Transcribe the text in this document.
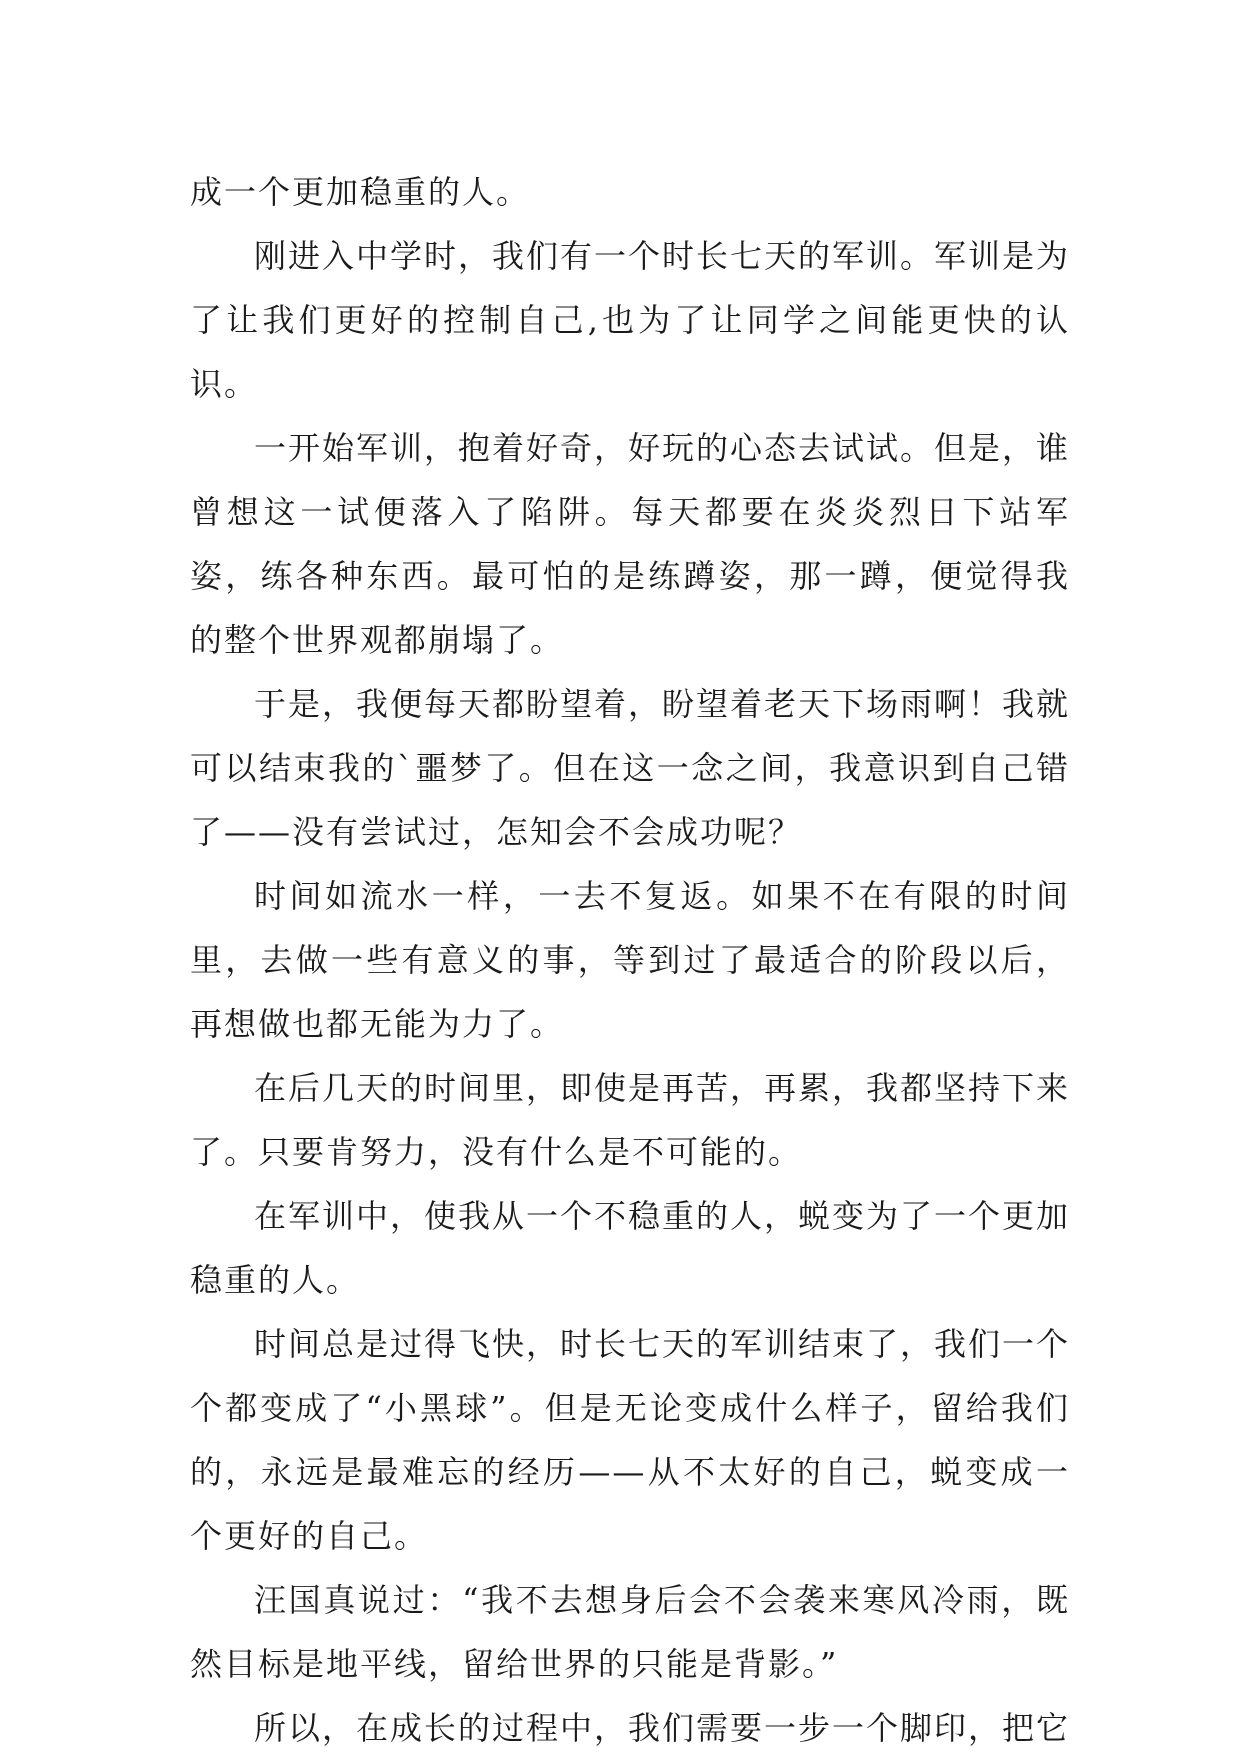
成一个更加稳重的人。

刚进入中学时，我们有一个时长七天的军训。军训是为了让我们更好的控制自己,也为了让同学之间能更快的认识。

一开始军训，抱着好奇，好玩的心态去试试。但是，谁曾想这一试便落入了陷阱。每天都要在炎炎烈日下站军姿，练各种东西。最可怕的是练蹲姿，那一蹲，便觉得我的整个世界观都崩塌了。

于是，我便每天都盼望着，盼望着老天下场雨啊！我就可以结束我的`噩梦了。但在这一念之间，我意识到自己错了——没有尝试过，怎知会不会成功呢？

时间如流水一样，一去不复返。如果不在有限的时间里，去做一些有意义的事，等到过了最适合的阶段以后，再想做也都无能为力了。

在后几天的时间里，即使是再苦，再累，我都坚持下来了。只要肯努力，没有什么是不可能的。

在军训中，使我从一个不稳重的人，蜕变为了一个更加稳重的人。

时间总是过得飞快，时长七天的军训结束了，我们一个个都变成了“小黑球”。但是无论变成什么样子，留给我们的，永远是最难忘的经历——从不太好的自己，蜕变成一个更好的自己。

汪国真说过：“我不去想身后会不会袭来寒风冷雨，既然目标是地平线，留给世界的只能是背影。”

所以，在成长的过程中，我们需要一步一个脚印，把它
